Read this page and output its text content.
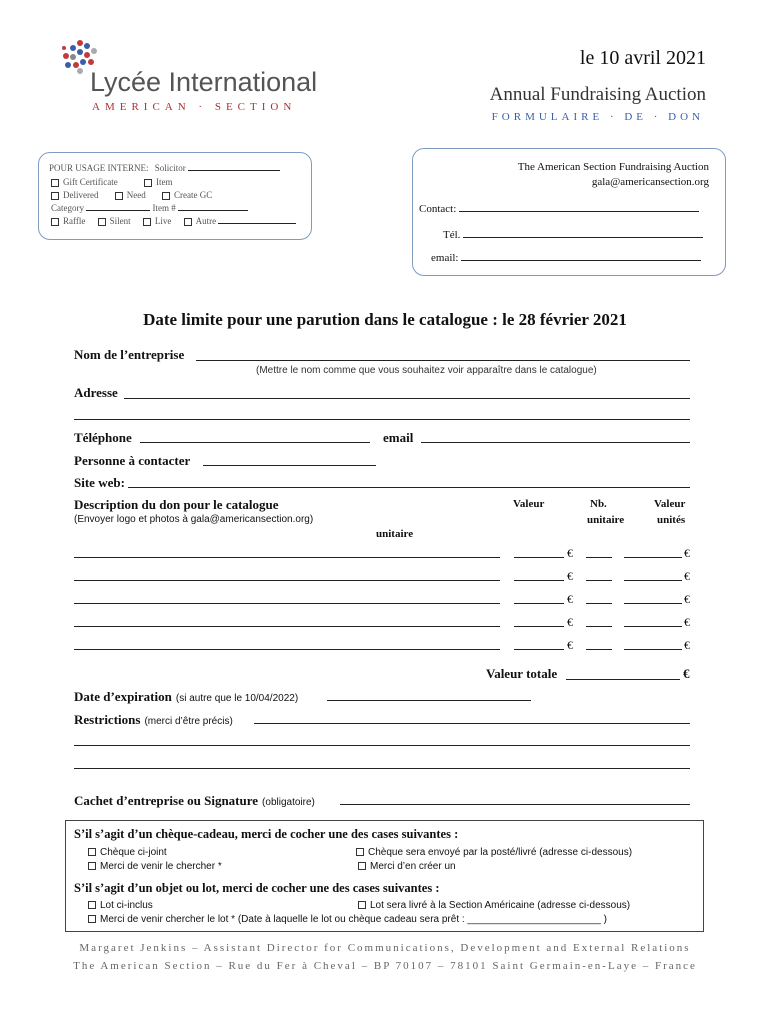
Lycée International
AMERICAN · SECTION
le 10 avril 2021
Annual Fundraising Auction
FORMULAIRE · DE · DON
POUR USAGE INTERNE: Solicitor
Gift Certificate	Item
Delivered	Need	Create GC
Category	Item #
Raffle	Silent	Live	Autre
The American Section Fundraising Auction
gala@americansection.org
Contact:
Tél.
email:
Date limite pour une parution dans le catalogue : le 28 février 2021
Nom de l’entreprise
(Mettre le nom comme que vous souhaitez voir apparaître dans le catalogue)
Adresse
Téléphone	email
Personne à contacter
Site web:
Description du don pour le catalogue
(Envoyer logo et photos à gala@americansection.org)
Valeur
unitaire
Nb.
unitaire
Valeur
unités
€	€
€	€
€	€
€	€
€	€
Valeur totale	€
Date d’expiration (si autre que le 10/04/2022)
Restrictions (merci d’être précis)
Cachet d’entreprise ou Signature (obligatoire)
S’il s’agit d’un chèque-cadeau, merci de cocher une des cases suivantes :
Chèque ci-joint	Chèque sera envoyé par la posté/livré (adresse ci-dessous)
Merci de venir le chercher *	Merci d’en créer un
S’il s’agit d’un objet ou lot, merci de cocher une des cases suivantes :
Lot ci-inclus	Lot sera livré à la Section Américaine (adresse ci-dessous)
Merci de venir chercher le lot * (Date à laquelle le lot ou chèque cadeau sera prêt : ________________________ )
Margaret Jenkins – Assistant Director for Communications, Development and External Relations
The American Section – Rue du Fer à Cheval – BP 70107 – 78101 Saint Germain-en-Laye – France
